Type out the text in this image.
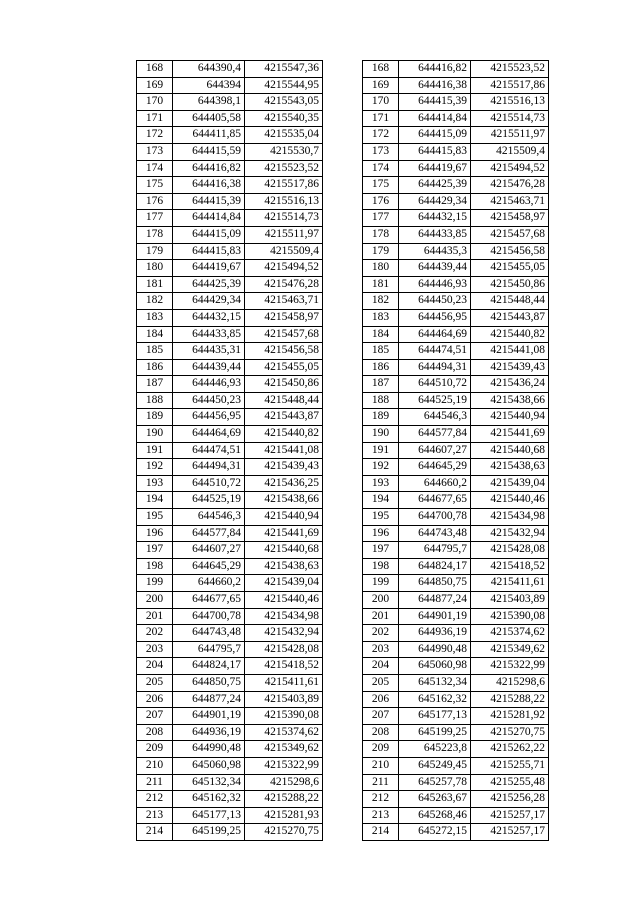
168	644390,4	4215547,36
169	644394	4215544,95
170	644398,1	4215543,05
171	644405,58	4215540,35
172	644411,85	4215535,04
173	644415,59	4215530,7
174	644416,82	4215523,52
175	644416,38	4215517,86
176	644415,39	4215516,13
177	644414,84	4215514,73
178	644415,09	4215511,97
179	644415,83	4215509,4
180	644419,67	4215494,52
181	644425,39	4215476,28
182	644429,34	4215463,71
183	644432,15	4215458,97
184	644433,85	4215457,68
185	644435,31	4215456,58
186	644439,44	4215455,05
187	644446,93	4215450,86
188	644450,23	4215448,44
189	644456,95	4215443,87
190	644464,69	4215440,82
191	644474,51	4215441,08
192	644494,31	4215439,43
193	644510,72	4215436,25
194	644525,19	4215438,66
195	644546,3	4215440,94
196	644577,84	4215441,69
197	644607,27	4215440,68
198	644645,29	4215438,63
199	644660,2	4215439,04
200	644677,65	4215440,46
201	644700,78	4215434,98
202	644743,48	4215432,94
203	644795,7	4215428,08
204	644824,17	4215418,52
205	644850,75	4215411,61
206	644877,24	4215403,89
207	644901,19	4215390,08
208	644936,19	4215374,62
209	644990,48	4215349,62
210	645060,98	4215322,99
211	645132,34	4215298,6
212	645162,32	4215288,22
213	645177,13	4215281,93
214	645199,25	4215270,75
168	644416,82	4215523,52
169	644416,38	4215517,86
170	644415,39	4215516,13
171	644414,84	4215514,73
172	644415,09	4215511,97
173	644415,83	4215509,4
174	644419,67	4215494,52
175	644425,39	4215476,28
176	644429,34	4215463,71
177	644432,15	4215458,97
178	644433,85	4215457,68
179	644435,3	4215456,58
180	644439,44	4215455,05
181	644446,93	4215450,86
182	644450,23	4215448,44
183	644456,95	4215443,87
184	644464,69	4215440,82
185	644474,51	4215441,08
186	644494,31	4215439,43
187	644510,72	4215436,24
188	644525,19	4215438,66
189	644546,3	4215440,94
190	644577,84	4215441,69
191	644607,27	4215440,68
192	644645,29	4215438,63
193	644660,2	4215439,04
194	644677,65	4215440,46
195	644700,78	4215434,98
196	644743,48	4215432,94
197	644795,7	4215428,08
198	644824,17	4215418,52
199	644850,75	4215411,61
200	644877,24	4215403,89
201	644901,19	4215390,08
202	644936,19	4215374,62
203	644990,48	4215349,62
204	645060,98	4215322,99
205	645132,34	4215298,6
206	645162,32	4215288,22
207	645177,13	4215281,92
208	645199,25	4215270,75
209	645223,8	4215262,22
210	645249,45	4215255,71
211	645257,78	4215255,48
212	645263,67	4215256,28
213	645268,46	4215257,17
214	645272,15	4215257,17
